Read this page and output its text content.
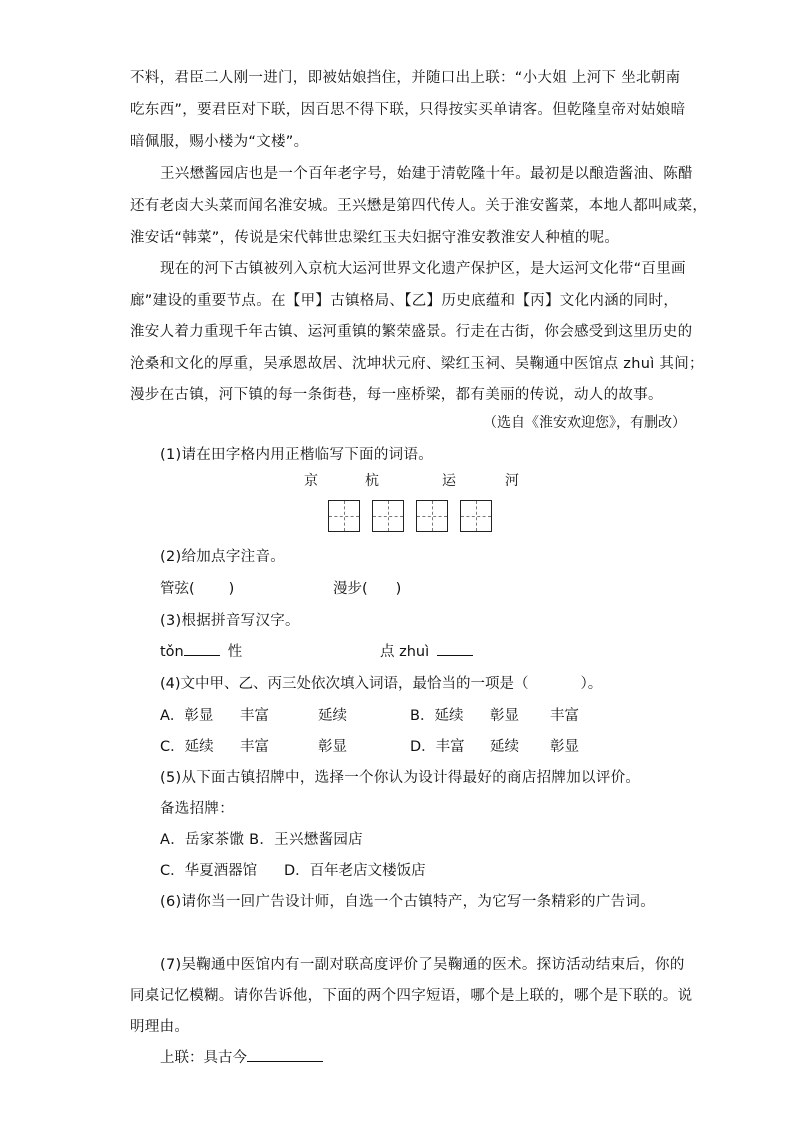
不料，君臣二人刚一进门，即被姑娘挡住，并随口出上联：“小大姐 上河下 坐北朝南
吃东西”，要君臣对下联，因百思不得下联，只得按实买单请客。但乾隆皇帝对姑娘暗
暗佩服，赐小楼为“文楼”。
王兴懋酱园店也是一个百年老字号，始建于清乾隆十年。最初是以酿造酱油、陈醋
还有老卤大头菜而闻名淮安城。王兴懋是第四代传人。关于淮安酱菜，本地人都叫咸菜，
淮安话“韩菜”，传说是宋代韩世忠梁红玉夫妇据守淮安教淮安人种植的呢。
现在的河下古镇被列入京杭大运河世界文化遗产保护区，是大运河文化带“百里画
廊”建设的重要节点。在【甲】古镇格局、【乙】历史底蕴和【丙】文化内涵的同时，
淮安人着力重现千年古镇、运河重镇的繁荣盛景。行走在古街，你会感受到这里历史的
沧桑和文化的厚重，吴承恩故居、沈坤状元府、梁红玉祠、吴鞠通中医馆点 zhuì 其间；
漫步在古镇，河下镇的每一条街巷，每一座桥梁，都有美丽的传说，动人的故事。
（选自《淮安欢迎您》，有删改）
(1)请在田字格内用正楷临写下面的词语。
京	杭	运	河
(2)给加点字注音。
管弦( )	漫步( )
(3)根据拼音写汉字。
tǒn	性	点 zhuì
(4)文中甲、乙、丙三处依次填入词语，最恰当的一项是（	）。
A．彰显 丰富	延续	B．延续 彰显 丰富
C．延续 丰富	彰显	D．丰富 延续 彰显
(5)从下面古镇招牌中，选择一个你认为设计得最好的商店招牌加以评价。
备选招牌：
A．岳家茶馓 B．王兴懋酱园店
C．华夏酒器馆 D．百年老店文楼饭店
(6)请你当一回广告设计师，自选一个古镇特产，为它写一条精彩的广告词。
(7)吴鞠通中医馆内有一副对联高度评价了吴鞠通的医术。探访活动结束后，你的
同桌记忆模糊。请你告诉他，下面的两个四字短语，哪个是上联的，哪个是下联的。说
明理由。
上联：具古今
